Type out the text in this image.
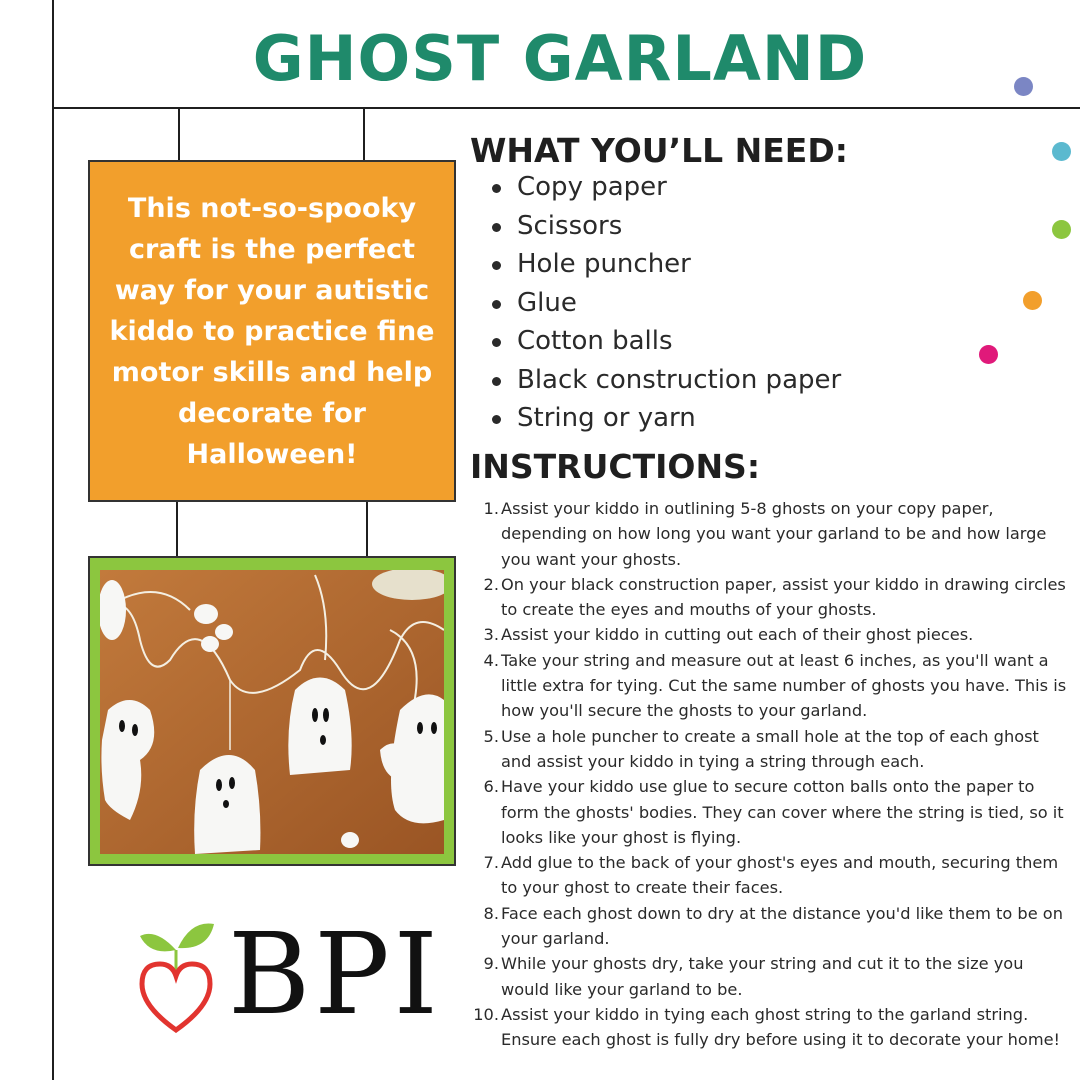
GHOST GARLAND

This not-so-spooky craft is the perfect way for your autistic kiddo to practice fine motor skills and help decorate for Halloween!

WHAT YOU’LL NEED:
Copy paper
Scissors
Hole puncher
Glue
Cotton balls
Black construction paper
String or yarn
INSTRUCTIONS:
1. Assist your kiddo in outlining 5-8 ghosts on your copy paper, depending on how long you want your garland to be and how large you want your ghosts.
2. On your black construction paper, assist your kiddo in drawing circles to create the eyes and mouths of your ghosts.
3. Assist your kiddo in cutting out each of their ghost pieces.
4. Take your string and measure out at least 6 inches, as you'll want a little extra for tying. Cut the same number of ghosts you have. This is how you'll secure the ghosts to your garland.
5. Use a hole puncher to create a small hole at the top of each ghost and assist your kiddo in tying a string through each.
6. Have your kiddo use glue to secure cotton balls onto the paper to form the ghosts' bodies. They can cover where the string is tied, so it looks like your ghost is flying.
7. Add glue to the back of your ghost's eyes and mouth, securing them to your ghost to create their faces.
8. Face each ghost down to dry at the distance you'd like them to be on your garland.
9. While your ghosts dry, take your string and cut it to the size you would like your garland to be.
10. Assist your kiddo in tying each ghost string to the garland string. Ensure each ghost is fully dry before using it to decorate your home!
BPI
